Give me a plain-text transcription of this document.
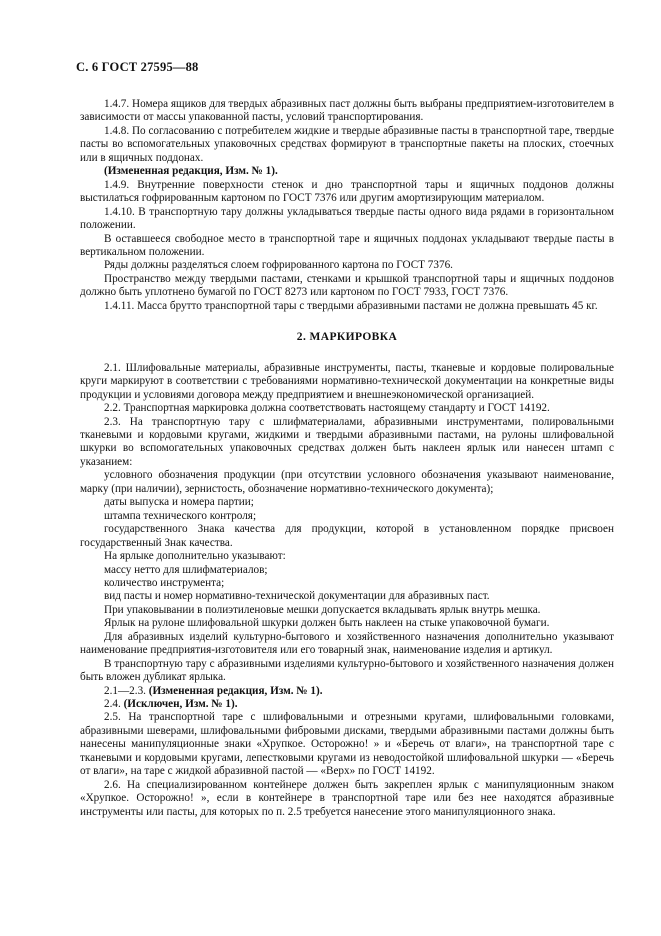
С. 6 ГОСТ 27595—88

1.4.7. Номера ящиков для твердых абразивных паст должны быть выбраны предприятием-изготовителем в зависимости от массы упакованной пасты, условий транспортирования.

1.4.8. По согласованию с потребителем жидкие и твердые абразивные пасты в транспортной таре, твердые пасты во вспомогательных упаковочных средствах формируют в транспортные пакеты на плоских, стоечных или в ящичных поддонах.

(Измененная редакция, Изм. № 1).

1.4.9. Внутренние поверхности стенок и дно транспортной тары и ящичных поддонов должны выстилаться гофрированным картоном по ГОСТ 7376 или другим амортизирующим материалом.

1.4.10. В транспортную тару должны укладываться твердые пасты одного вида рядами в горизонтальном положении.

В оставшееся свободное место в транспортной таре и ящичных поддонах укладывают твердые пасты в вертикальном положении.

Ряды должны разделяться слоем гофрированного картона по ГОСТ 7376.

Пространство между твердыми пастами, стенками и крышкой транспортной тары и ящичных поддонов должно быть уплотнено бумагой по ГОСТ 8273 или картоном по ГОСТ 7933, ГОСТ 7376.

1.4.11. Масса брутто транспортной тары с твердыми абразивными пастами не должна превышать 45 кг.

2. МАРКИРОВКА

2.1. Шлифовальные материалы, абразивные инструменты, пасты, тканевые и кордовые полировальные круги маркируют в соответствии с требованиями нормативно-технической документации на конкретные виды продукции и условиями договора между предприятием и внешнеэкономической организацией.

2.2. Транспортная маркировка должна соответствовать настоящему стандарту и ГОСТ 14192.

2.3. На транспортную тару с шлифматериалами, абразивными инструментами, полировальными тканевыми и кордовыми кругами, жидкими и твердыми абразивными пастами, на рулоны шлифовальной шкурки во вспомогательных упаковочных средствах должен быть наклеен ярлык или нанесен штамп с указанием:

условного обозначения продукции (при отсутствии условного обозначения указывают наименование, марку (при наличии), зернистость, обозначение нормативно-технического документа);

даты выпуска и номера партии;

штампа технического контроля;

государственного Знака качества для продукции, которой в установленном порядке присвоен государственный Знак качества.

На ярлыке дополнительно указывают:

массу нетто для шлифматериалов;

количество инструмента;

вид пасты и номер нормативно-технической документации для абразивных паст.

При упаковывании в полиэтиленовые мешки допускается вкладывать ярлык внутрь мешка.

Ярлык на рулоне шлифовальной шкурки должен быть наклеен на стыке упаковочной бумаги.

Для абразивных изделий культурно-бытового и хозяйственного назначения дополнительно указывают наименование предприятия-изготовителя или его товарный знак, наименование изделия и артикул.

В транспортную тару с абразивными изделиями культурно-бытового и хозяйственного назначения должен быть вложен дубликат ярлыка.

2.1—2.3. (Измененная редакция, Изм. № 1).

2.4. (Исключен, Изм. № 1).

2.5. На транспортной таре с шлифовальными и отрезными кругами, шлифовальными головками, абразивными шеверами, шлифовальными фибровыми дисками, твердыми абразивными пастами должны быть нанесены манипуляционные знаки «Хрупкое. Осторожно! » и «Беречь от влаги», на транспортной таре с тканевыми и кордовыми кругами, лепестковыми кругами из неводостойкой шлифовальной шкурки — «Беречь от влаги», на таре с жидкой абразивной пастой — «Верх» по ГОСТ 14192.

2.6. На специализированном контейнере должен быть закреплен ярлык с манипуляционным знаком «Хрупкое. Осторожно! », если в контейнере в транспортной таре или без нее находятся абразивные инструменты или пасты, для которых по п. 2.5 требуется нанесение этого манипуляционного знака.
